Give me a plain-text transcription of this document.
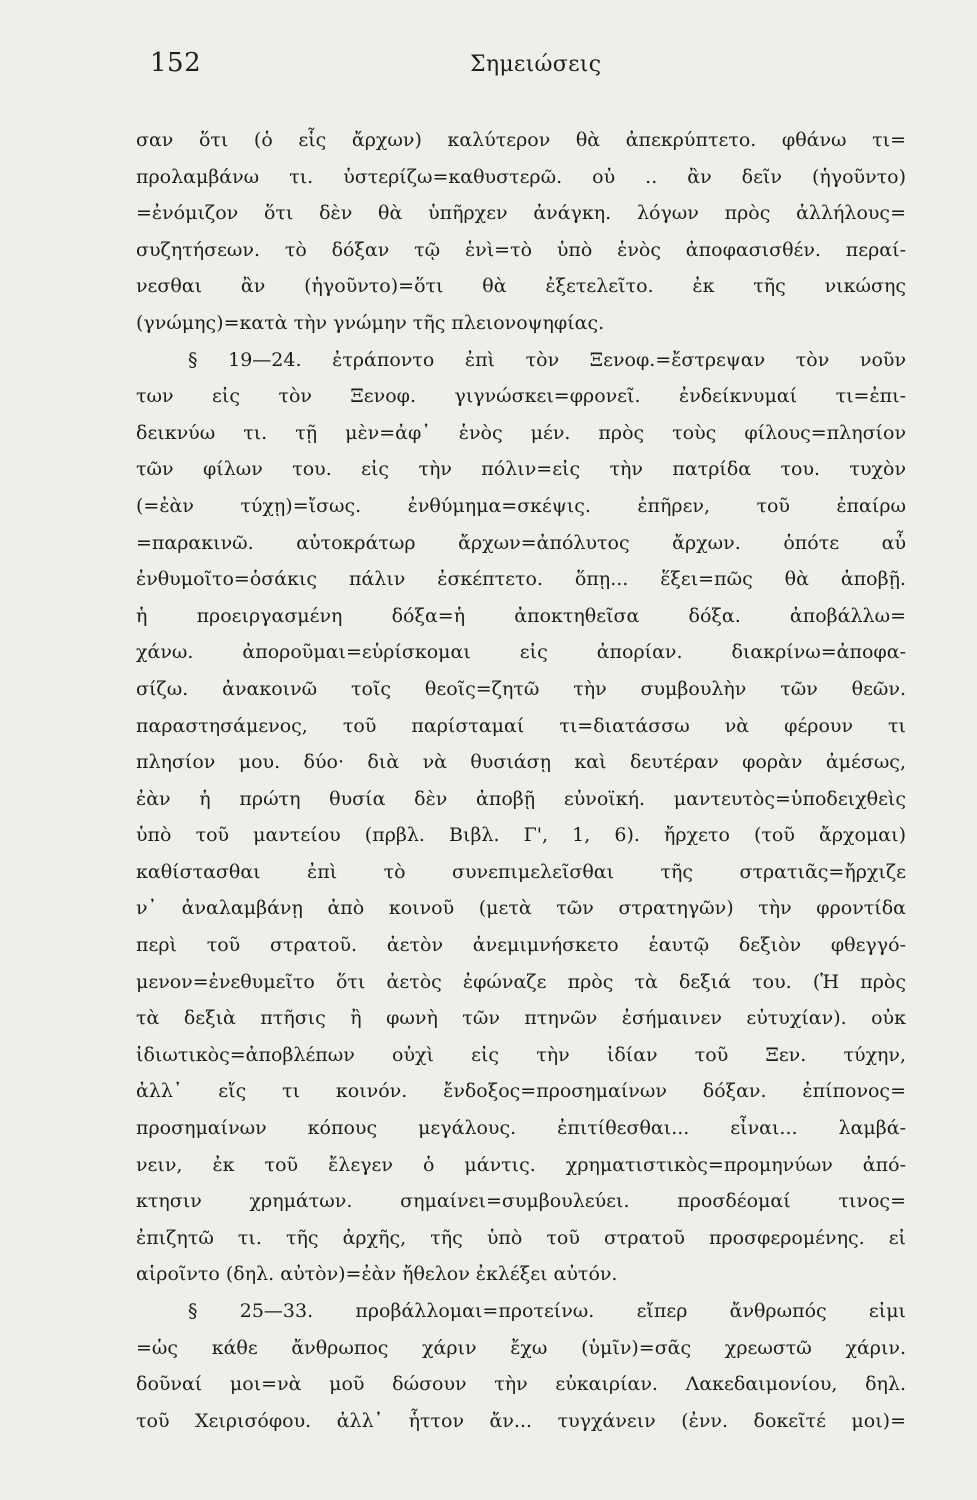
152	Σημειώσεις
σαν ὅτι (ὁ εἷς ἄρχων) καλύτερον θὰ ἀπεκρύπτετο. φθάνω τι=
προλαμβάνω τι. ὑστερίζω=καθυστερῶ. οὐ .. ἂν δεῖν (ἡγοῦντο)
=ἐνόμιζον ὅτι δὲν θὰ ὑπῆρχεν ἀνάγκη. λόγων πρὸς ἀλλήλους=
συζητήσεων. τὸ δόξαν τῷ ἑνὶ=τὸ ὑπὸ ἑνὸς ἀποφασισθέν. περαί-
νεσθαι ἂν (ἡγοῦντο)=ὅτι θὰ ἐξετελεῖτο. ἐκ τῆς νικώσης
(γνώμης)=κατὰ τὴν γνώμην τῆς πλειονοψηφίας.
§ 19—24. ἐτράποντο ἐπὶ τὸν Ξενοφ.=ἔστρεψαν τὸν νοῦν
των εἰς τὸν Ξενοφ. γιγνώσκει=φρονεῖ. ἐνδείκνυμαί τι=ἐπι-
δεικνύω τι. τῇ μὲν=ἀφ᾽ ἑνὸς μέν. πρὸς τοὺς φίλους=πλησίον
τῶν φίλων του. εἰς τὴν πόλιν=εἰς τὴν πατρίδα του. τυχὸν
(=ἐὰν τύχῃ)=ἴσως. ἐνθύμημα=σκέψις. ἐπῆρεν, τοῦ ἐπαίρω
=παρακινῶ. αὐτοκράτωρ ἄρχων=ἀπόλυτος ἄρχων. ὁπότε αὖ
ἐνθυμοῖτο=ὁσάκις πάλιν ἐσκέπτετο. ὅπῃ... ἕξει=πῶς θὰ ἀποβῇ.
ἡ προειργασμένη δόξα=ἡ ἀποκτηθεῖσα δόξα. ἀποβάλλω=
χάνω. ἀπoροῦμαι=εὑρίσκομαι εἰς ἀπορίαν. διακρίνω=ἀποφα-
σίζω. ἀνακοινῶ τοῖς θεοῖς=ζητῶ τὴν συμβουλὴν τῶν θεῶν.
παραστησάμενος, τοῦ παρίσταμαί τι=διατάσσω νὰ φέρουν τι
πλησίον μου. δύο· διὰ νὰ θυσιάσῃ καὶ δευτέραν φορὰν ἀμέσως,
ἐὰν ἡ πρώτη θυσία δὲν ἀποβῇ εὐνοϊκή. μαντευτὸς=ὑποδειχθεὶς
ὑπὸ τοῦ μαντείου (πρβλ. Βιβλ. Γ', 1, 6). ἤρχετο (τοῦ ἄρχομαι)
καθίστασθαι ἐπὶ τὸ συνεπιμελεῖσθαι τῆς στρατιᾶς=ἤρχιζε
ν᾽ ἀναλαμβάνῃ ἀπὸ κοινοῦ (μετὰ τῶν στρατηγῶν) τὴν φροντίδα
περὶ τοῦ στρατοῦ. ἀετὸν ἀνεμιμνήσκετο ἑαυτῷ δεξιὸν φθεγγό-
μενον=ἐνεθυμεῖτο ὅτι ἀετὸς ἐφώναζε πρὸς τὰ δεξιά του. (Ἡ πρὸς
τὰ δεξιὰ πτῆσις ἢ φωνὴ τῶν πτηνῶν ἐσήμαινεν εὐτυχίαν). οὐκ
ἰδιωτικὸς=ἀποβλέπων οὐχὶ εἰς τὴν ἰδίαν τοῦ Ξεν. τύχην,
ἀλλ᾽ εἴς τι κοινόν. ἔνδοξος=προσημαίνων δόξαν. ἐπίπονος=
προσημαίνων κόπους μεγάλους. ἐπιτίθεσθαι... εἶναι... λαμβά-
νειν, ἐκ τοῦ ἔλεγεν ὁ μάντις. χρηματιστικὸς=προμηνύων ἀπό-
κτησιν χρημάτων. σημαίνει=συμβουλεύει. προσδέομαί τινος=
ἐπιζητῶ τι. τῆς ἀρχῆς, τῆς ὑπὸ τοῦ στρατοῦ προσφερομένης. εἰ
αἱροῖντο (δηλ. αὐτὸν)=ἐὰν ἤθελον ἐκλέξει αὐτόν.
§ 25—33. προβάλλομαι=προτείνω. εἴπερ ἄνθρωπός εἰμι
=ὡς κάθε ἄνθρωπος χάριν ἔχω (ὑμῖν)=σᾶς χρεωστῶ χάριν.
δοῦναί μοι=νὰ μοῦ δώσουν τὴν εὐκαιρίαν. Λακεδαιμονίου, δηλ.
τοῦ Χειρισόφου. ἀλλ᾽ ἧττον ἄν... τυγχάνειν (ἐνν. δοκεῖτέ μοι)=
